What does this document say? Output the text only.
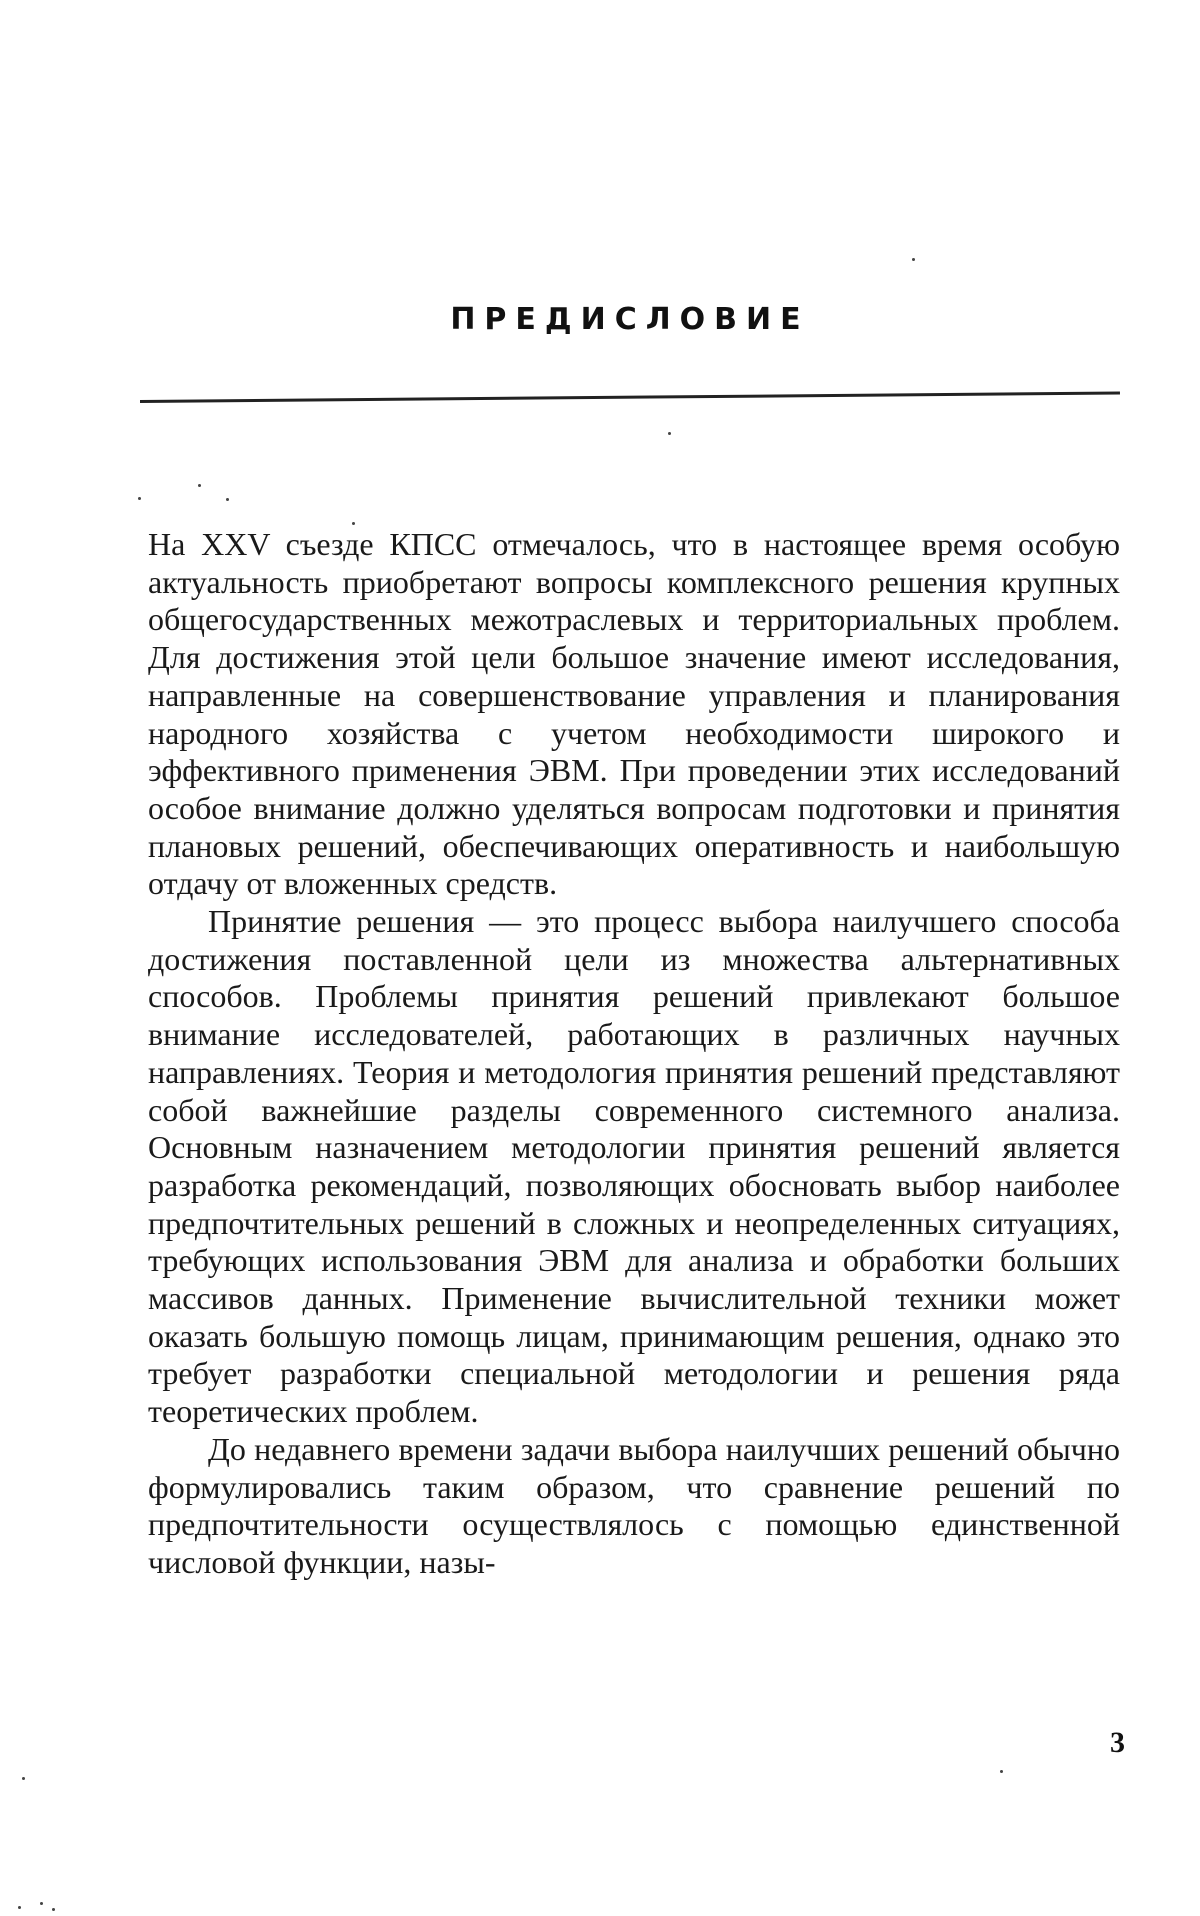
ПРЕДИСЛОВИЕ

На XXV съезде КПСС отмечалось, что в настоящее время особую актуальность приобретают вопросы комплексного решения крупных общегосударственных межотраслевых и территориальных проблем. Для достижения этой цели большое значение имеют исследования, направленные на совершенствование управления и планирования народного хозяйства с учетом необходимости широкого и эффективного применения ЭВМ. При проведении этих исследований особое внимание должно уделяться вопросам подготовки и принятия плановых решений, обеспечивающих оперативность и наибольшую отдачу от вложенных средств.

Принятие решения — это процесс выбора наилучшего способа достижения поставленной цели из множества альтернативных способов. Проблемы принятия решений привлекают большое внимание исследователей, работающих в различных научных направлениях. Теория и методология принятия решений представляют собой важнейшие разделы современного системного анализа. Основным назначением методологии принятия решений является разработка рекомендаций, позволяющих обосновать выбор наиболее предпочтительных решений в сложных и неопределенных ситуациях, требующих использования ЭВМ для анализа и обработки больших массивов данных. Применение вычислительной техники может оказать большую помощь лицам, принимающим решения, однако это требует разработки специальной методологии и решения ряда теоретических проблем.

До недавнего времени задачи выбора наилучших решений обычно формулировались таким образом, что сравнение решений по предпочтительности осуществлялось с помощью единственной числовой функции, назы-

3
